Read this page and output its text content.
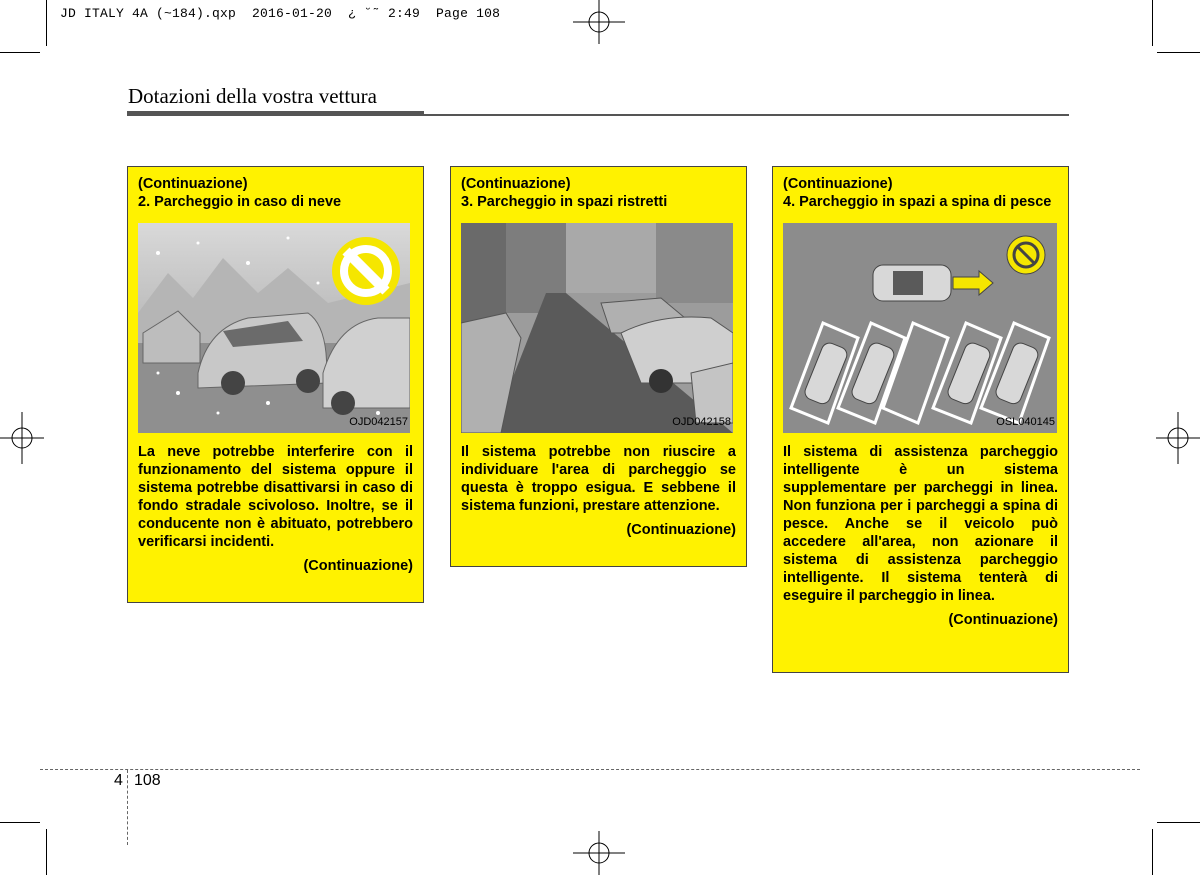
JD ITALY 4A (~184).qxp  2016-01-20  ¿ ˘˜ 2:49  Page 108
Dotazioni della vostra vettura
(Continuazione)
2. Parcheggio in caso di neve
OJD042157
La neve potrebbe interferire con il funzionamento del sistema oppure il sistema potrebbe disattivarsi in caso di fondo stradale scivoloso. Inoltre, se il conducente non è abituato, potrebbero verificarsi incidenti.
(Continuazione)
(Continuazione)
3. Parcheggio in spazi ristretti
OJD042158
Il sistema potrebbe non riuscire a individuare l'area di parcheggio se questa è troppo esigua. E sebbene il sistema funzioni, prestare attenzione.
(Continuazione)
(Continuazione)
4. Parcheggio in spazi a spina di pesce
OSL040145
Il sistema di assistenza parcheggio intelligente è un sistema supplementare per parcheggi in linea. Non funziona per i parcheggi a spina di pesce. Anche se il veicolo può accedere all'area, non azionare il sistema di assistenza parcheggio intelligente. Il sistema tenterà di eseguire il parcheggio in linea.
(Continuazione)
4 108
